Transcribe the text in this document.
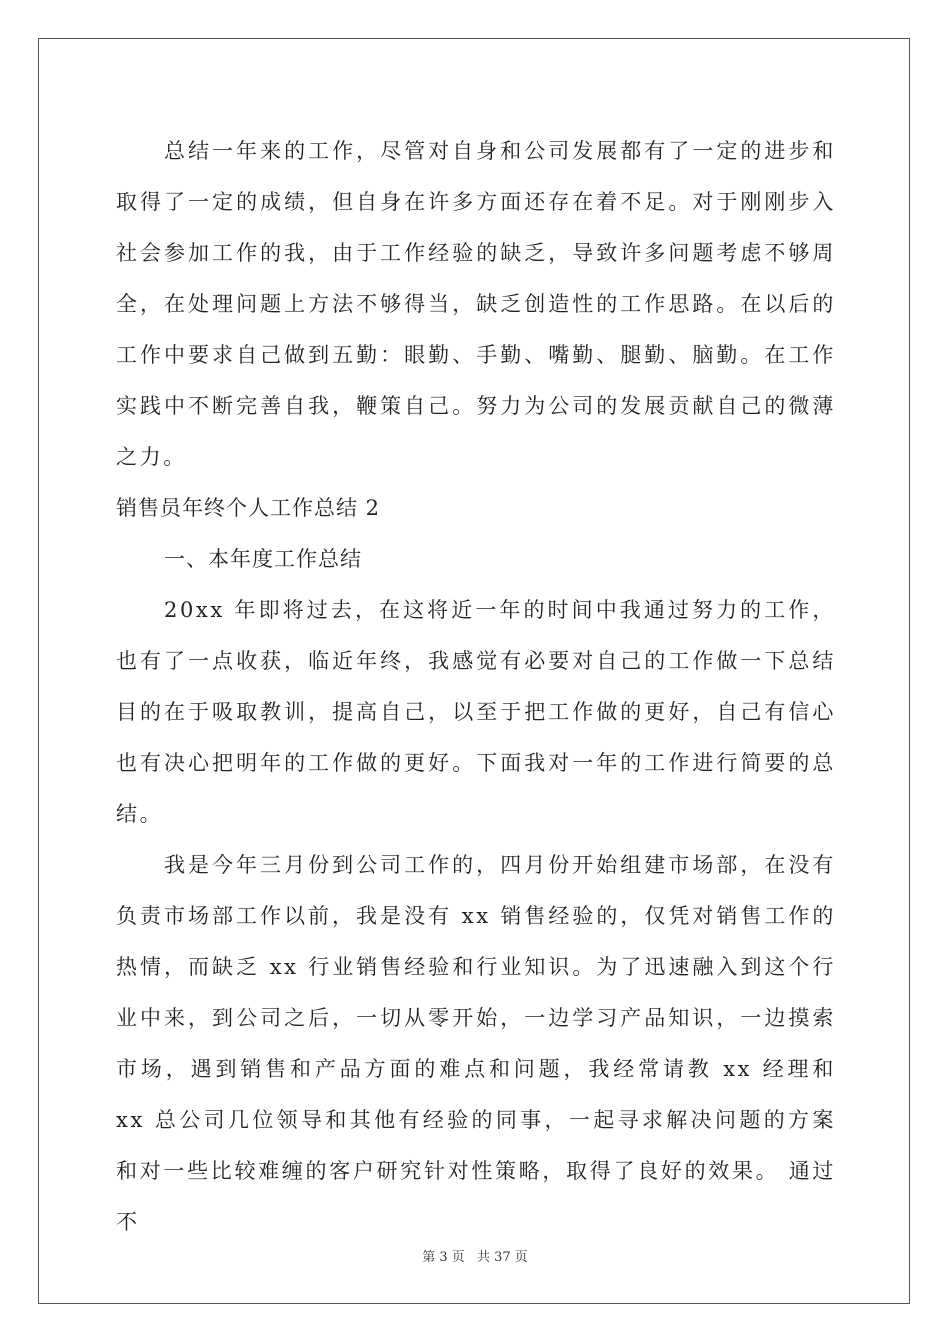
总结一年来的工作，尽管对自身和公司发展都有了一定的进步和取得了一定的成绩，但自身在许多方面还存在着不足。对于刚刚步入社会参加工作的我，由于工作经验的缺乏，导致许多问题考虑不够周全，在处理问题上方法不够得当，缺乏创造性的工作思路。在以后的工作中要求自己做到五勤：眼勤、手勤、嘴勤、腿勤、脑勤。在工作实践中不断完善自我，鞭策自己。努力为公司的发展贡献自己的微薄之力。

销售员年终个人工作总结 2

一、本年度工作总结

20xx 年即将过去，在这将近一年的时间中我通过努力的工作，也有了一点收获，临近年终，我感觉有必要对自己的工作做一下总结目的在于吸取教训，提高自己，以至于把工作做的更好，自己有信心也有决心把明年的工作做的更好。下面我对一年的工作进行简要的总结。

我是今年三月份到公司工作的，四月份开始组建市场部，在没有负责市场部工作以前，我是没有 xx 销售经验的，仅凭对销售工作的热情，而缺乏 xx 行业销售经验和行业知识。为了迅速融入到这个行业中来，到公司之后，一切从零开始，一边学习产品知识，一边摸索市场，遇到销售和产品方面的难点和问题，我经常请教 xx 经理和 xx 总公司几位领导和其他有经验的同事，一起寻求解决问题的方案和对一些比较难缠的客户研究针对性策略，取得了良好的效果。 通过不

第 3 页 共 37 页
